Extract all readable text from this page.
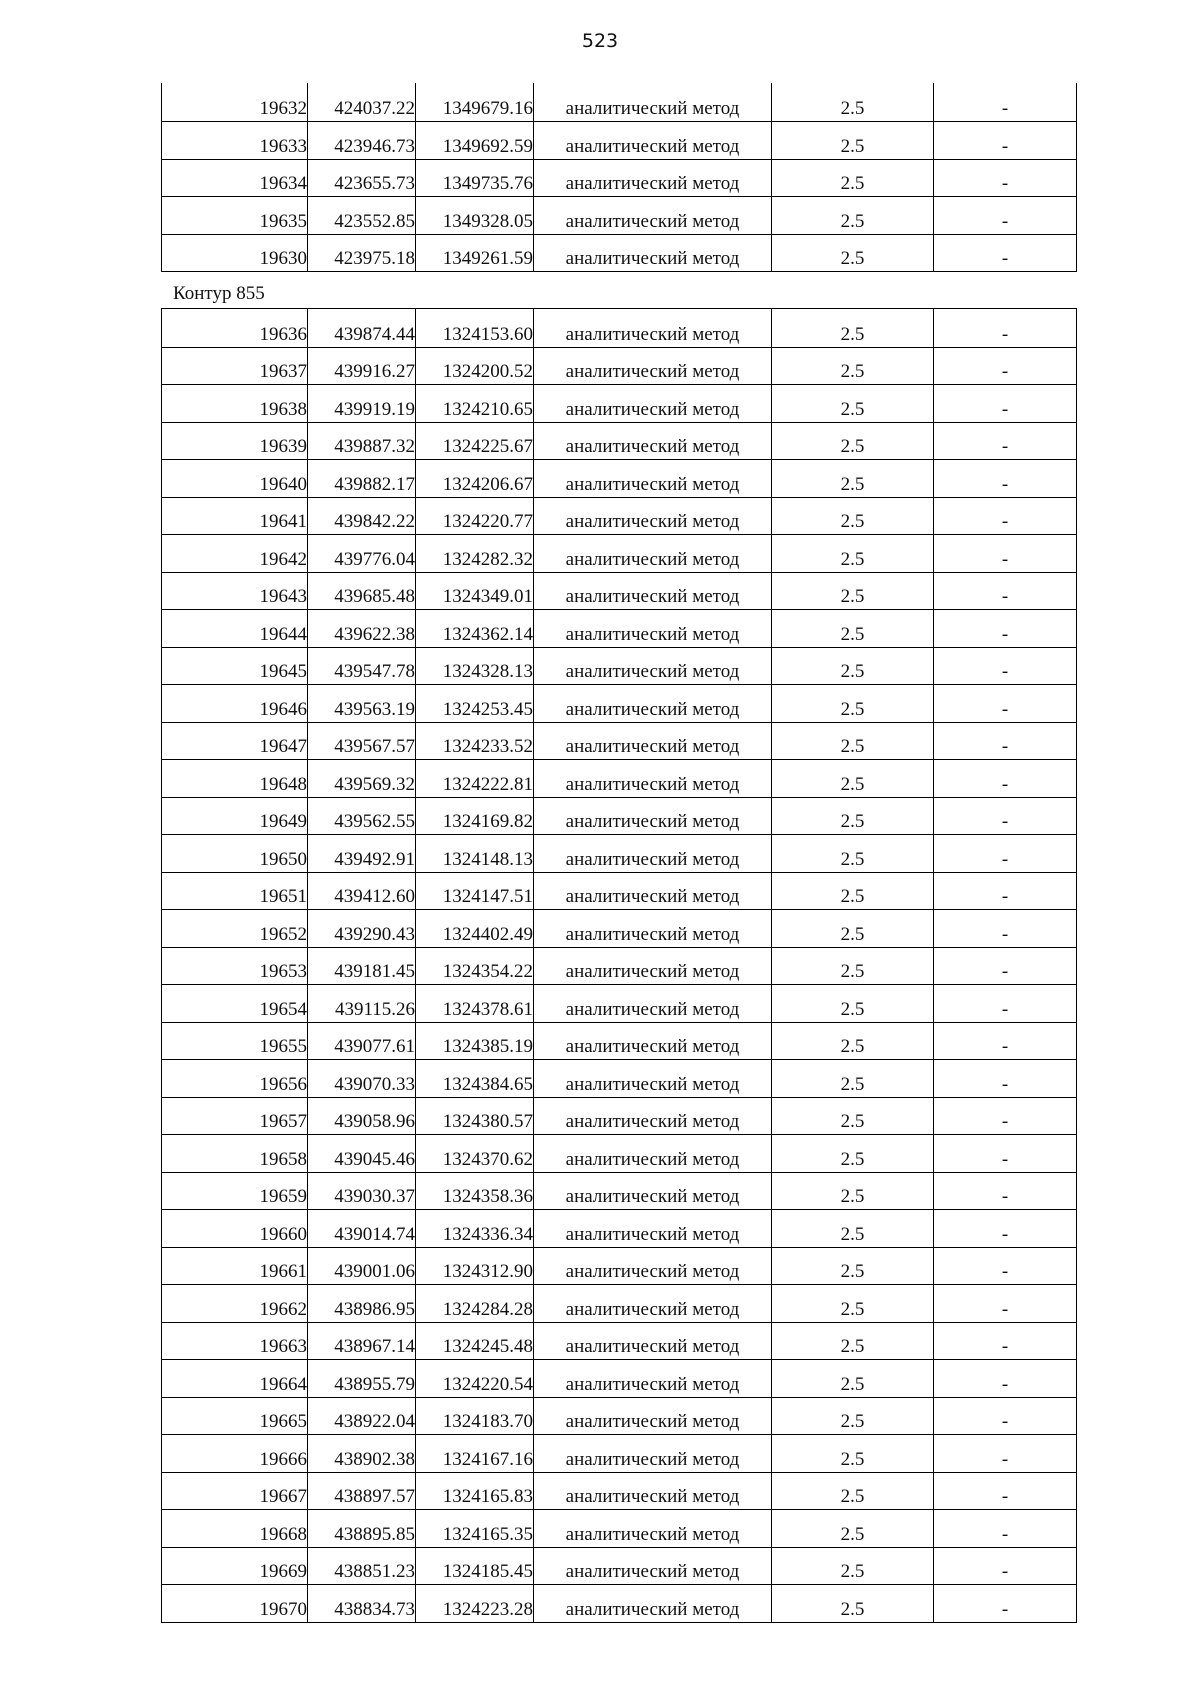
523
19632	424037.22	1349679.16	аналитический метод	2.5	-
19633	423946.73	1349692.59	аналитический метод	2.5	-
19634	423655.73	1349735.76	аналитический метод	2.5	-
19635	423552.85	1349328.05	аналитический метод	2.5	-
19630	423975.18	1349261.59	аналитический метод	2.5	-
Контур 855
19636	439874.44	1324153.60	аналитический метод	2.5	-
19637	439916.27	1324200.52	аналитический метод	2.5	-
19638	439919.19	1324210.65	аналитический метод	2.5	-
19639	439887.32	1324225.67	аналитический метод	2.5	-
19640	439882.17	1324206.67	аналитический метод	2.5	-
19641	439842.22	1324220.77	аналитический метод	2.5	-
19642	439776.04	1324282.32	аналитический метод	2.5	-
19643	439685.48	1324349.01	аналитический метод	2.5	-
19644	439622.38	1324362.14	аналитический метод	2.5	-
19645	439547.78	1324328.13	аналитический метод	2.5	-
19646	439563.19	1324253.45	аналитический метод	2.5	-
19647	439567.57	1324233.52	аналитический метод	2.5	-
19648	439569.32	1324222.81	аналитический метод	2.5	-
19649	439562.55	1324169.82	аналитический метод	2.5	-
19650	439492.91	1324148.13	аналитический метод	2.5	-
19651	439412.60	1324147.51	аналитический метод	2.5	-
19652	439290.43	1324402.49	аналитический метод	2.5	-
19653	439181.45	1324354.22	аналитический метод	2.5	-
19654	439115.26	1324378.61	аналитический метод	2.5	-
19655	439077.61	1324385.19	аналитический метод	2.5	-
19656	439070.33	1324384.65	аналитический метод	2.5	-
19657	439058.96	1324380.57	аналитический метод	2.5	-
19658	439045.46	1324370.62	аналитический метод	2.5	-
19659	439030.37	1324358.36	аналитический метод	2.5	-
19660	439014.74	1324336.34	аналитический метод	2.5	-
19661	439001.06	1324312.90	аналитический метод	2.5	-
19662	438986.95	1324284.28	аналитический метод	2.5	-
19663	438967.14	1324245.48	аналитический метод	2.5	-
19664	438955.79	1324220.54	аналитический метод	2.5	-
19665	438922.04	1324183.70	аналитический метод	2.5	-
19666	438902.38	1324167.16	аналитический метод	2.5	-
19667	438897.57	1324165.83	аналитический метод	2.5	-
19668	438895.85	1324165.35	аналитический метод	2.5	-
19669	438851.23	1324185.45	аналитический метод	2.5	-
19670	438834.73	1324223.28	аналитический метод	2.5	-
